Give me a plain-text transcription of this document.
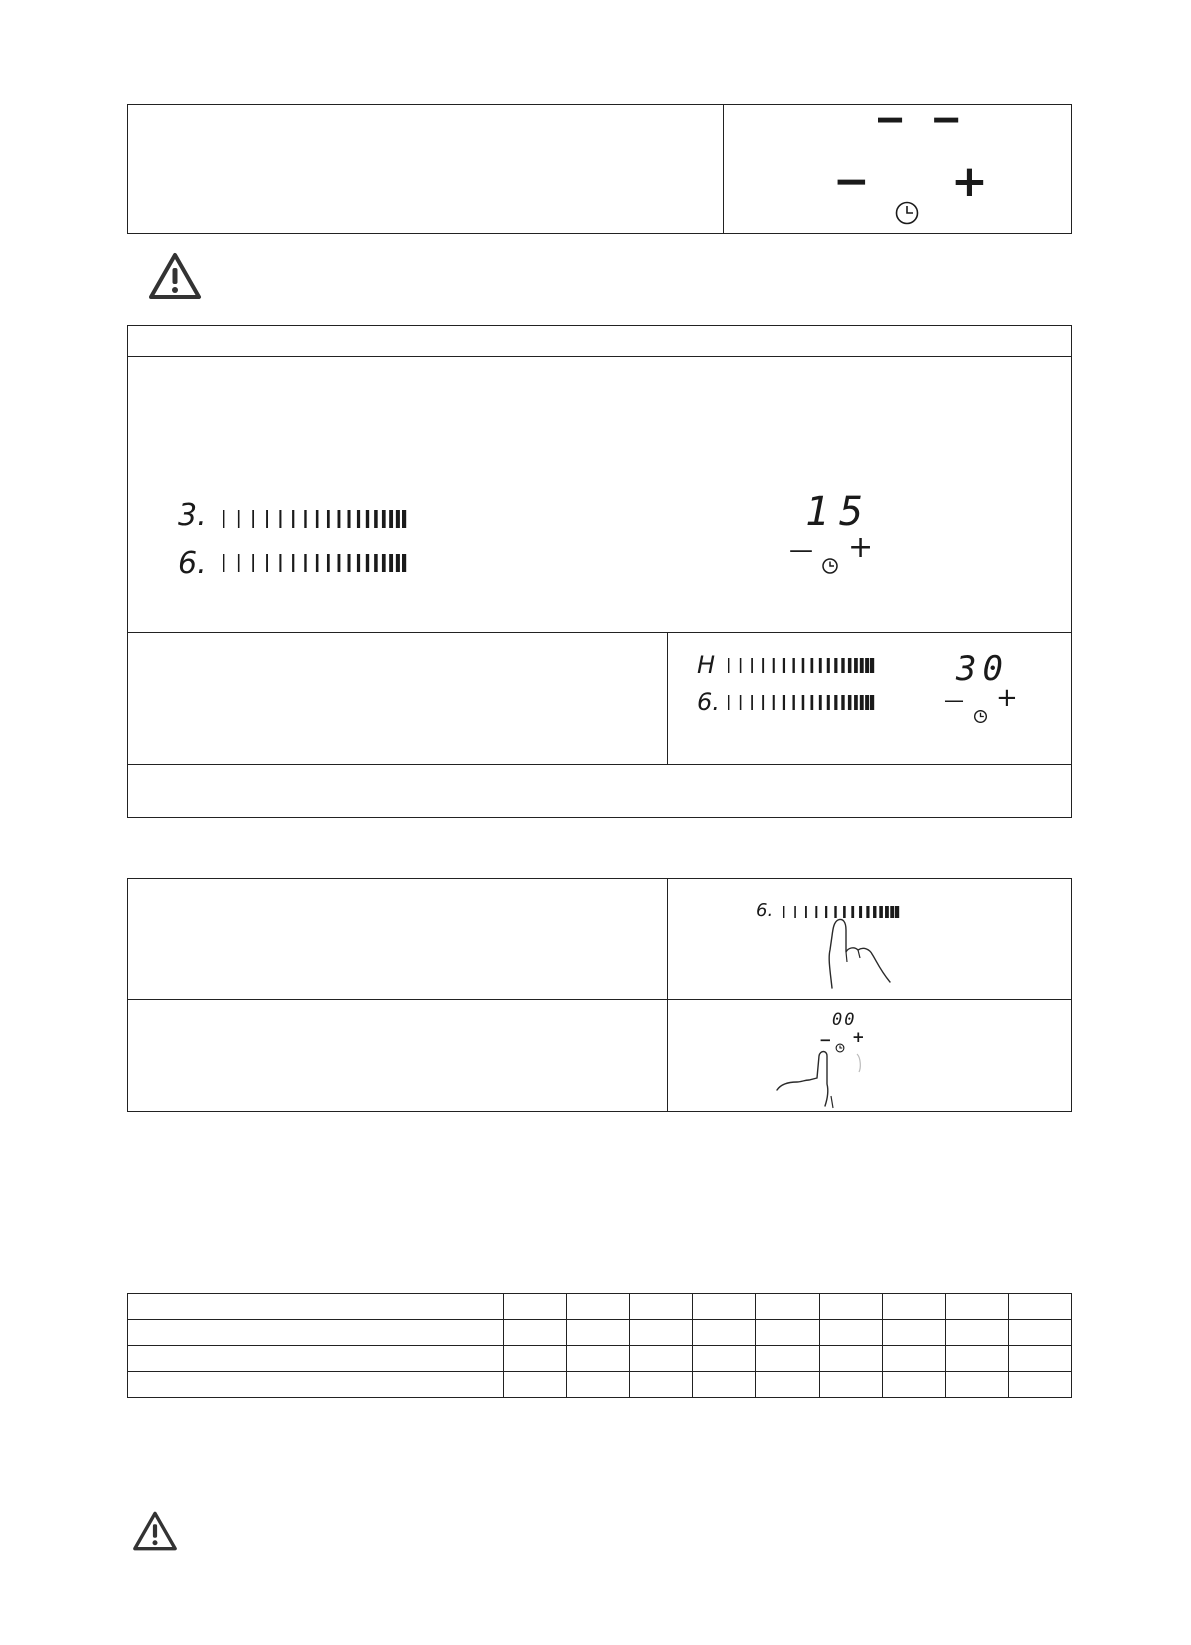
– –
− +
3.
6.
15
— +
H
6.
30
— +
6.
00
− +
